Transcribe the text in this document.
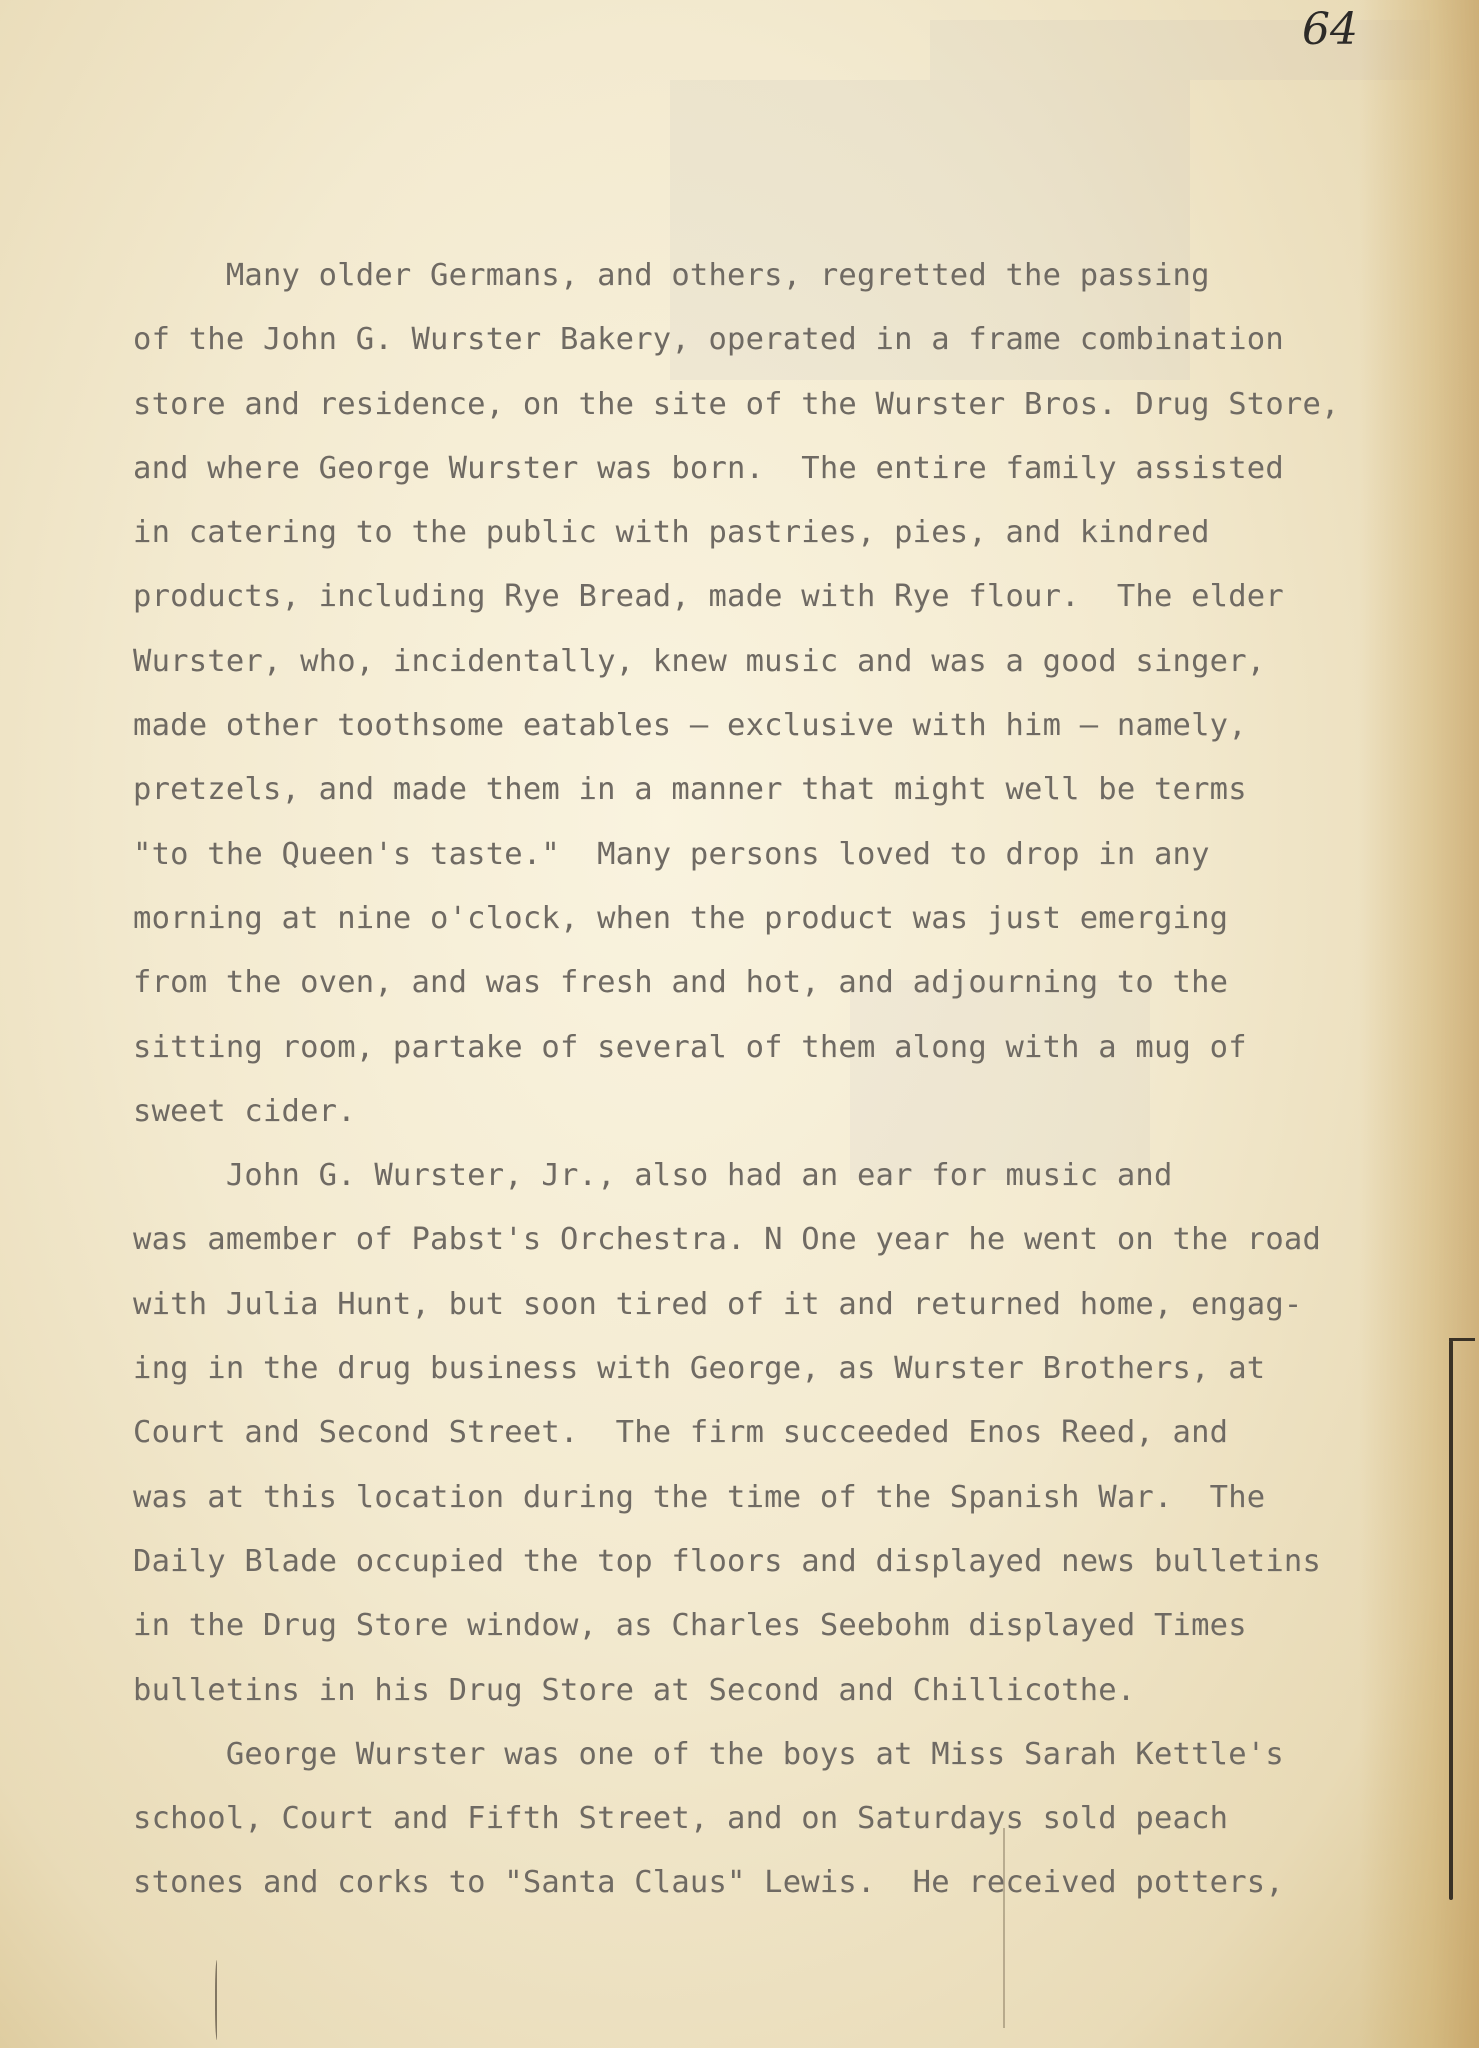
64
Many older Germans, and others, regretted the passing
of the John G. Wurster Bakery, operated in a frame combination
store and residence, on the site of the Wurster Bros. Drug Store,
and where George Wurster was born.  The entire family assisted
in catering to the public with pastries, pies, and kindred
products, including Rye Bread, made with Rye flour.  The elder
Wurster, who, incidentally, knew music and was a good singer,
made other toothsome eatables — exclusive with him — namely,
pretzels, and made them in a manner that might well be terms
"to the Queen's taste."  Many persons loved to drop in any
morning at nine o'clock, when the product was just emerging
from the oven, and was fresh and hot, and adjourning to the
sitting room, partake of several of them along with a mug of
sweet cider.
John G. Wurster, Jr., also had an ear for music and
was amember of Pabst's Orchestra. N One year he went on the road
with Julia Hunt, but soon tired of it and returned home, engag-
ing in the drug business with George, as Wurster Brothers, at
Court and Second Street.  The firm succeeded Enos Reed, and
was at this location during the time of the Spanish War.  The
Daily Blade occupied the top floors and displayed news bulletins
in the Drug Store window, as Charles Seebohm displayed Times
bulletins in his Drug Store at Second and Chillicothe.
George Wurster was one of the boys at Miss Sarah Kettle's
school, Court and Fifth Street, and on Saturdays sold peach
stones and corks to "Santa Claus" Lewis.  He received potters,
